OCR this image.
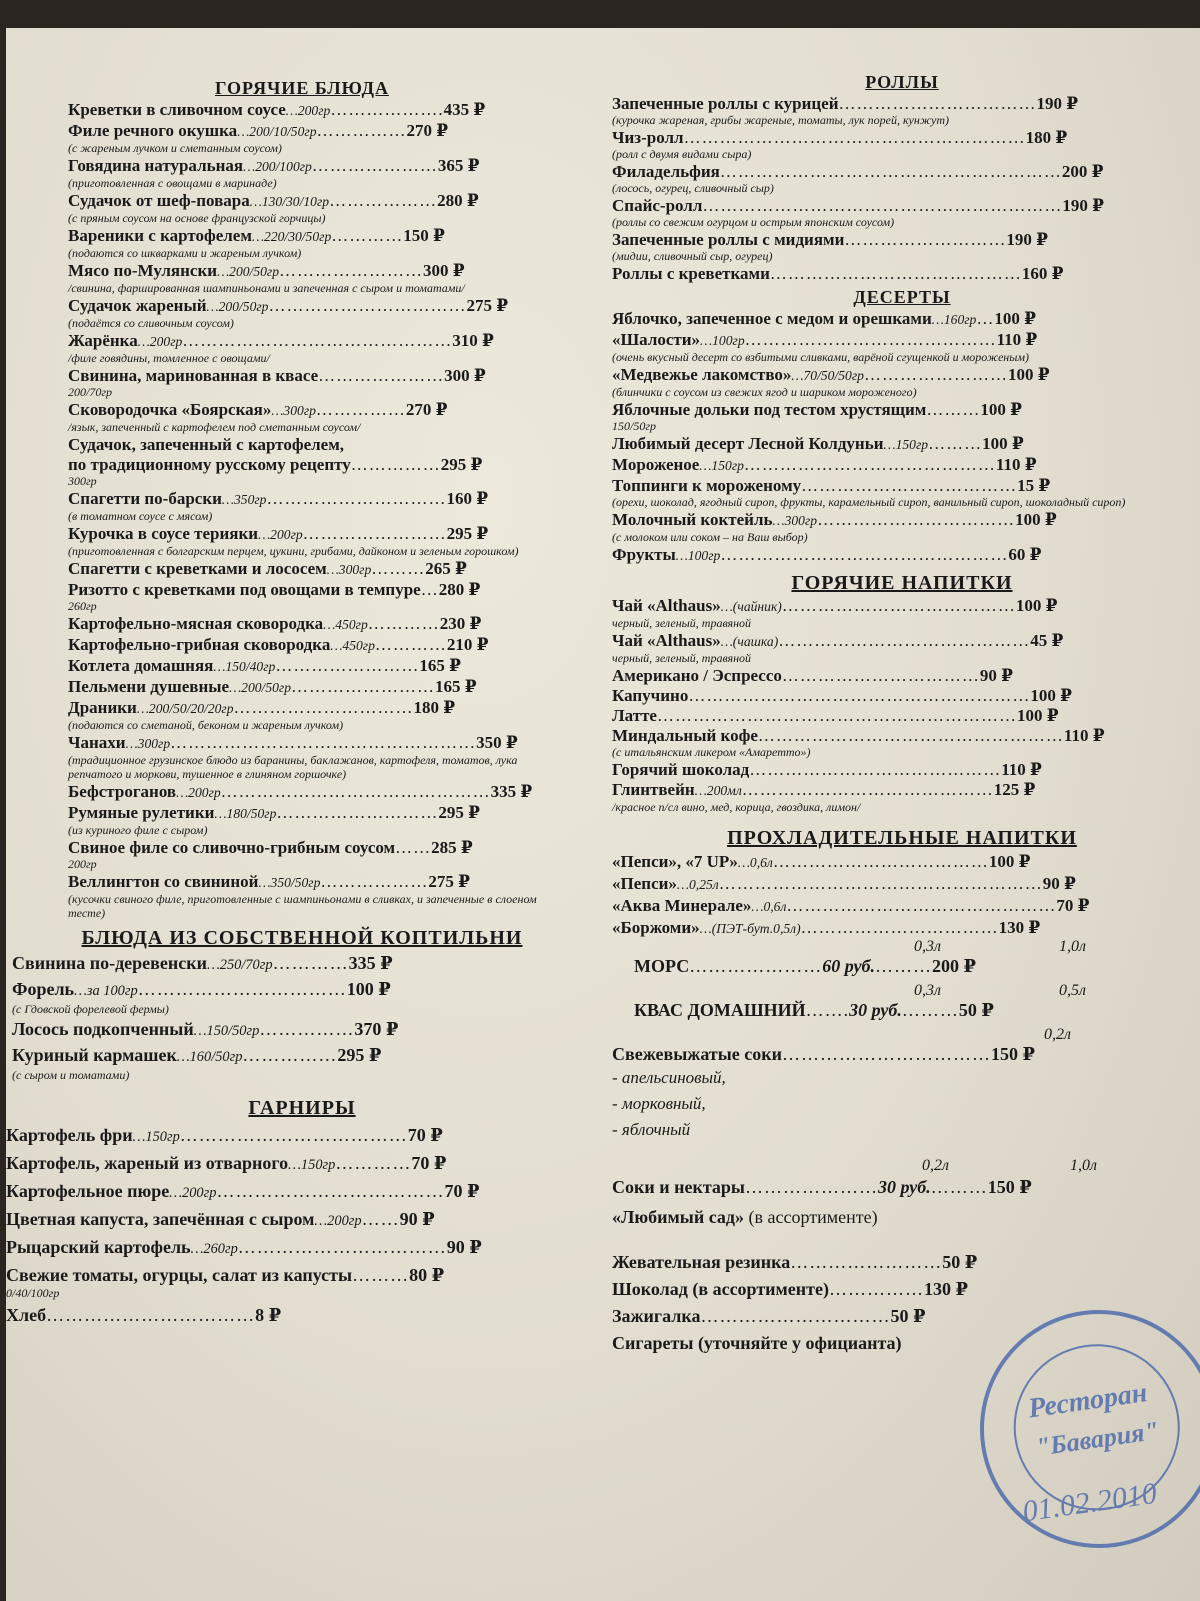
ГОРЯЧИЕ БЛЮДА
Креветки в сливочном соусе…200гр……………….435 ₽
Филе речного окушка…200/10/50гр……………270 ₽
(с жареным лучком и сметанным соусом)
Говядина натуральная…200/100гр…………………365 ₽
(приготовленная с овощами в маринаде)
Судачок от шеф-повара…130/30/10гр………………280 ₽
(с пряным соусом на основе французской горчицы)
Вареники с картофелем…220/30/50гр…………150 ₽
(подаются со шкварками и жареным лучком)
Мясо по-Мулянски…200/50гр……………………300 ₽
/свинина, фаршированная шампиньонами и запеченная с сыром и томатами/
Судачок жареный…200/50гр……………………………275 ₽
(подаётся со сливочным соусом)
Жарёнка…200гр………………………………………310 ₽
/филе говядины, томленное с овощами/
Свинина, маринованная в квасе…………………300 ₽
200/70гр
Сковородочка «Боярская»…300гр……………270 ₽
/язык, запеченный с картофелем под сметанным соусом/
Судачок, запеченный с картофелем,
по традиционному русскому рецепту……………295 ₽
300гр
Спагетти по-барски…350гр…………………………160 ₽
(в томатном соусе с мясом)
Курочка в соусе терияки…200гр……………………295 ₽
(приготовленная с болгарским перцем, цукини, грибами, дайконом и зеленым горошком)
Спагетти с креветками и лососем…300гр………265 ₽
Ризотто с креветками под овощами в темпуре…280 ₽
260гр
Картофельно-мясная сковородка…450гр…………230 ₽
Картофельно-грибная сковородка…450гр…………210 ₽
Котлета домашняя…150/40гр……………………165 ₽
Пельмени душевные…200/50гр……………………165 ₽
Драники…200/50/20/20гр…………………………180 ₽
(подаются со сметаной, беконом и жареным лучком)
Чанахи…300гр……………………………………………350 ₽
(традиционное грузинское блюдо из баранины, баклажанов, картофеля, томатов, лука репчатого и моркови, тушенное в глиняном горшочке)
Бефстроганов…200гр………………………………………335 ₽
Румяные рулетики…180/50гр………………………295 ₽
(из куриного филе с сыром)
Свиное филе со сливочно-грибным соусом……285 ₽
200гр
Веллингтон со свининой…350/50гр………………275 ₽
(кусочки свиного филе, приготовленные с шампиньонами в сливках, и запеченные в слоеном тесте)
БЛЮДА ИЗ СОБСТВЕННОЙ КОПТИЛЬНИ
Свинина по-деревенски…250/70гр…………335 ₽
Форель…за 100гр……………………………100 ₽
(с Гдовской форелевой фермы)
Лосось подкопченный…150/50гр……………370 ₽
Куриный кармашек…160/50гр……………295 ₽
(с сыром и томатами)
ГАРНИРЫ
Картофель фри…150гр………………………………70 ₽
Картофель, жареный из отварного…150гр…………70 ₽
Картофельное пюре…200гр………………………………70 ₽
Цветная капуста, запечённая с сыром…200гр……90 ₽
Рыцарский картофель…260гр……………………………90 ₽
Свежие томаты, огурцы, салат из капусты………80 ₽
0/40/100гр
Хлеб……………………………8 ₽
РОЛЛЫ
Запеченные роллы с курицей……………………………190 ₽
(курочка жареная, грибы жареные, томаты, лук порей, кунжут)
Чиз-ролл…………………………………………………180 ₽
(ролл с двумя видами сыра)
Филадельфия…………………………………………………200 ₽
(лосось, огурец, сливочный сыр)
Спайс-ролл……………………………………………………190 ₽
(роллы со свежим огурцом и острым японским соусом)
Запеченные роллы с мидиями………………………190 ₽
(мидии, сливочный сыр, огурец)
Роллы с креветками……………………………………160 ₽
ДЕСЕРТЫ
Яблочко, запеченное с медом и орешками…160гр…100 ₽
«Шалости»…100гр……………………………………110 ₽
(очень вкусный десерт со взбитыми сливками, варёной сгущенкой и мороженым)
«Медвежье лакомство»…70/50/50гр……………………100 ₽
(блинчики с соусом из свежих ягод и шариком мороженого)
Яблочные дольки под тестом хрустящим………100 ₽
150/50гр
Любимый десерт Лесной Колдуньи…150гр………100 ₽
Мороженое…150гр……………………………………110 ₽
Топпинги к мороженому………………………………15 ₽
(орехи, шоколад, ягодный сироп, фрукты, карамельный сироп, ванильный сироп, шоколадный сироп)
Молочный коктейль…300гр……………………………100 ₽
(с молоком или соком – на Ваш выбор)
Фрукты…100гр…………………………………………60 ₽
ГОРЯЧИЕ НАПИТКИ
Чай «Althaus»…(чайник)…………………………………100 ₽
черный, зеленый, травяной
Чай «Althaus»…(чашка)……………………………………45 ₽
черный, зеленый, травяной
Американо / Эспрессо……………………………90 ₽
Капучино…………………………………………………100 ₽
Латте……………………………………………………100 ₽
Миндальный кофе……………………………………………110 ₽
(с итальянским ликером «Амаретто»)
Горячий шоколад……………………………………110 ₽
Глинтвейн…200мл……………………………………125 ₽
/красное п/сл вино, мед, корица, гвоздика, лимон/
ПРОХЛАДИТЕЛЬНЫЕ НАПИТКИ
«Пепси», «7 UP»…0,6л………………………………100 ₽
«Пепси»…0,25л………………………………………………90 ₽
«Аква Минерале»…0,6л………………………………………70 ₽
«Боржоми»…(ПЭТ-бут.0,5л)……………………………130 ₽
0,3л	1,0л
МОРС…………………60 руб.………200 ₽
0,3л	0,5л
КВАС ДОМАШНИЙ…….30 руб.………50 ₽
0,2л
Свежевыжатые соки……………………………150 ₽
- апельсиновый,
- морковный,
- яблочный
0,2л	1,0л
Соки и нектары…………………30 руб.………150 ₽
«Любимый сад» (в ассортименте)
Жевательная резинка……………………50 ₽
Шоколад (в ассортименте)……………130 ₽
Зажигалка…………………………50 ₽
Сигареты (уточняйте у официанта)
Ресторан
"Бавария"
01.02.2010
